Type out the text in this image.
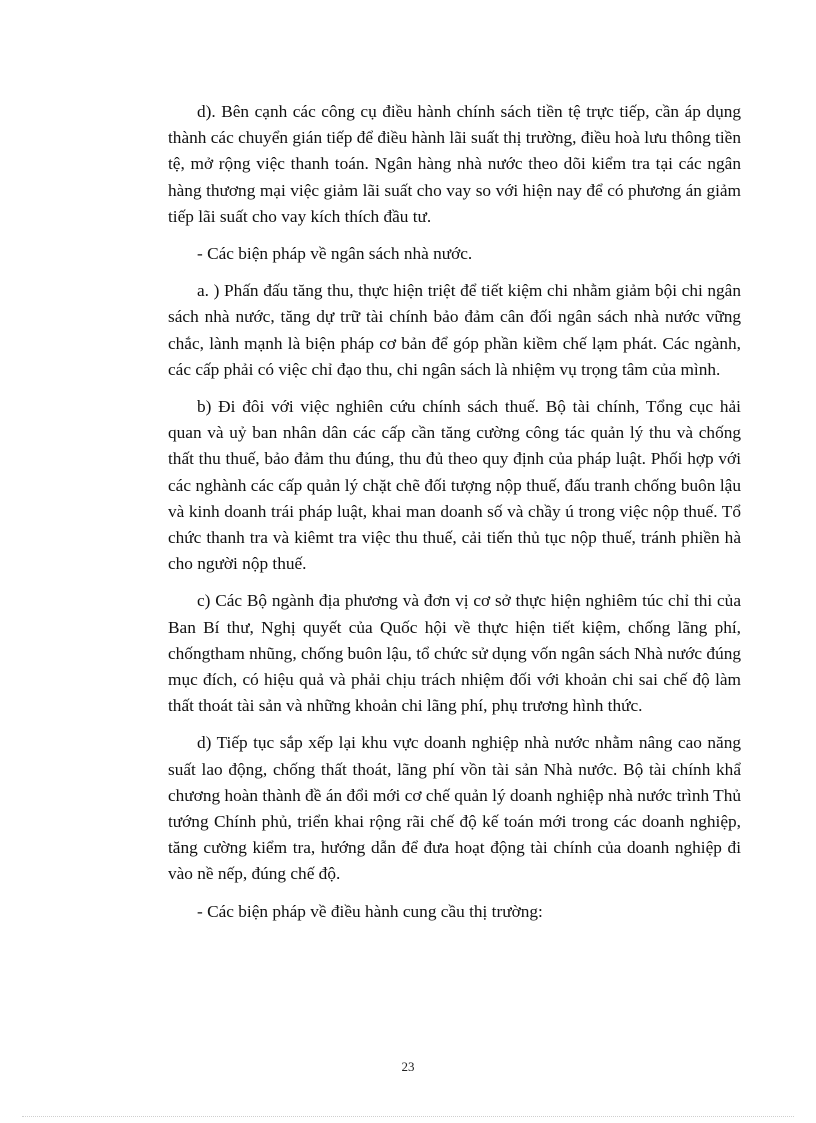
d). Bên cạnh các công cụ điều hành chính sách tiền tệ trực tiếp, cần áp dụng thành các chuyển gián tiếp để điều hành lãi suất thị trường, điều hoà lưu thông tiền tệ, mở rộng việc thanh toán. Ngân hàng nhà nước theo dõi kiểm tra tại các ngân hàng thương mại việc giảm lãi suất cho vay so với hiện nay để có phương án giảm tiếp lãi suất cho vay kích thích đầu tư.

- Các biện pháp về ngân sách nhà nước.

a. ) Phấn đấu tăng thu, thực hiện triệt để tiết kiệm chi nhằm giảm bội chi ngân sách nhà nước, tăng dự trữ tài chính bảo đảm cân đối ngân sách nhà nước vững chắc, lành mạnh là biện pháp cơ bản để góp phần kiềm chế lạm phát. Các ngành, các cấp phải có việc chỉ đạo thu, chi ngân sách là nhiệm vụ trọng tâm của mình.

b) Đi đôi với việc nghiên cứu chính sách thuế. Bộ tài chính, Tổng cục hải quan và uỷ ban nhân dân các cấp cần tăng cường công tác quản lý thu và chống thất thu thuế, bảo đảm thu đúng, thu đủ theo quy định của pháp luật. Phối hợp với các nghành các cấp quản lý chặt chẽ đối tượng nộp thuế, đấu tranh chống buôn lậu và kinh doanh trái pháp luật, khai man doanh số và chầy ú trong việc nộp thuế. Tổ chức thanh tra và kiêmt tra việc thu thuế, cải tiến thủ tục nộp thuế, tránh phiền hà cho người nộp thuế.

c) Các Bộ ngành địa phương và đơn vị cơ sở thực hiện nghiêm túc chỉ thi của Ban Bí thư, Nghị quyết của Quốc hội về thực hiện tiết kiệm, chống lãng phí, chốngtham nhũng, chống buôn lậu, tổ chức sử dụng vốn ngân sách Nhà nước đúng mục đích, có hiệu quả và phải chịu trách nhiệm đối với khoản chi sai chế độ làm thất thoát tài sản và những khoản chi lãng phí, phụ trương hình thức.

d) Tiếp tục sắp xếp lại khu vực doanh nghiệp nhà nước nhằm nâng cao năng suất lao động, chống thất thoát, lãng phí vồn tài sản Nhà nước. Bộ tài chính khẩ chương hoàn thành đề án đổi mới cơ chế quản lý doanh nghiệp nhà nước trình Thủ tướng Chính phủ, triển khai rộng rãi chế độ kế toán mới trong các doanh nghiệp, tăng cường kiểm tra, hướng dẫn để đưa hoạt động tài chính của doanh nghiệp đi vào nề nếp, đúng chế độ.

- Các biện pháp về điều hành cung cầu thị trường:

23
